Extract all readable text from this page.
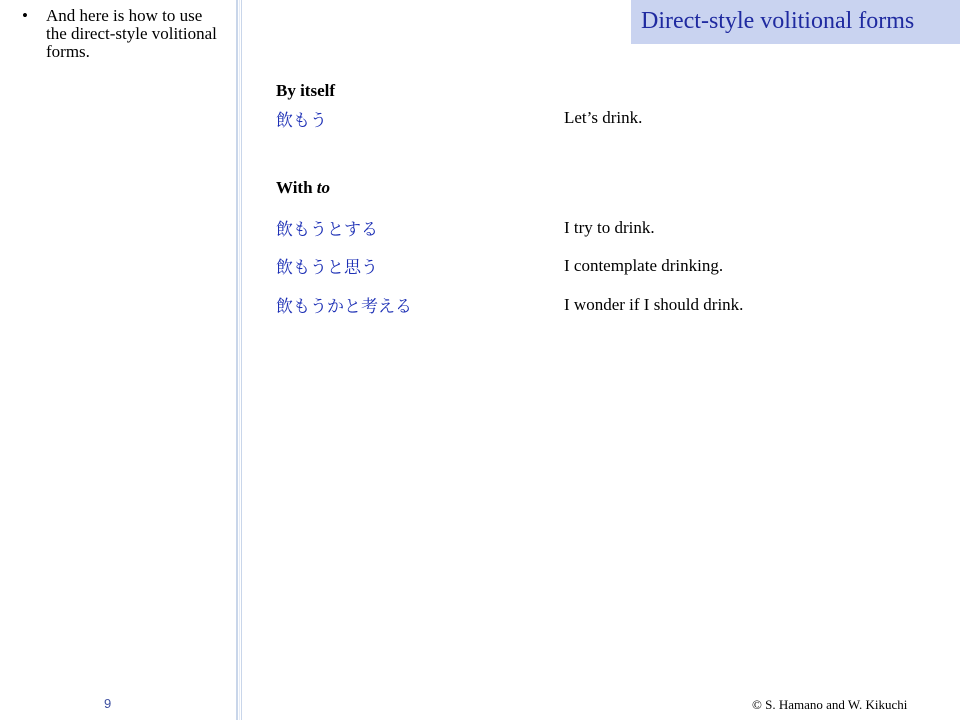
• And here is how to use the direct-style volitional forms.
9
Direct-style volitional forms
By itself
飲もう	Let’s drink.
With to
飲もうとする	I try to drink.
飲もうと思う	I contemplate drinking.
飲もうかと考える	I wonder if I should drink.
© S. Hamano and W. Kikuchi
